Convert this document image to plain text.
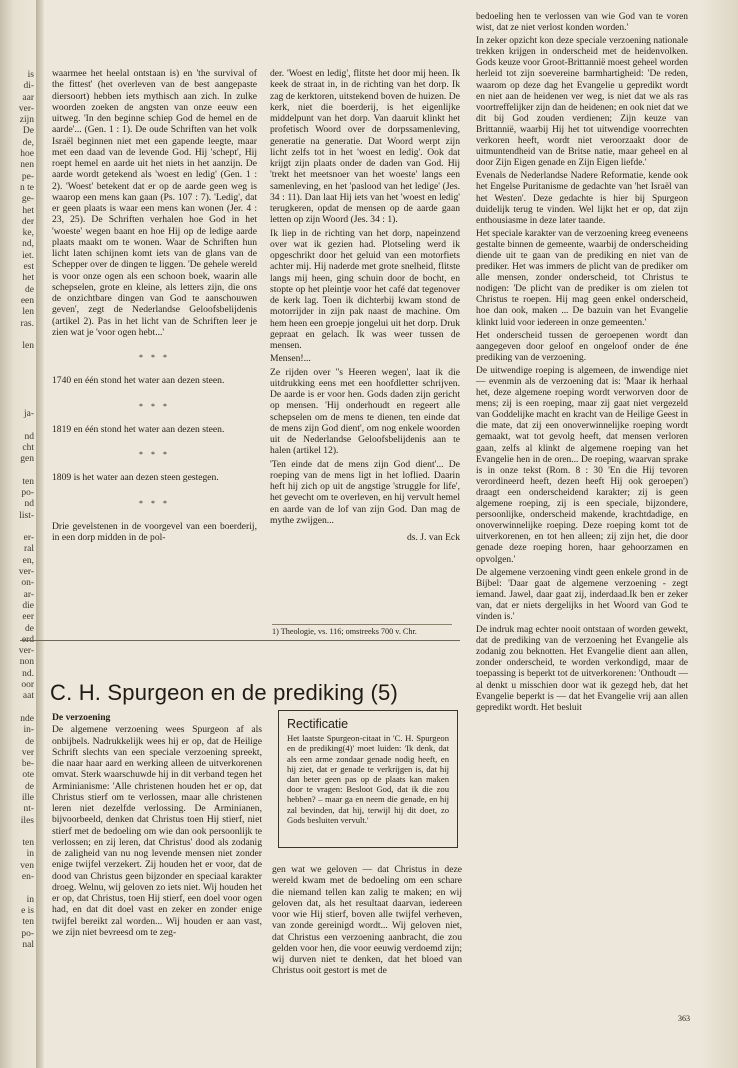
is
di-
aar
ver-
zijn
De
de,
hoe
nen
pe-
n te
ge-
het
der
ke,
nd,
iet.
est
het
de
een
len
ras.

len

ja-

nd
cht
gen

ten
po-
nd
list-

er-
ral
en,
ver-
on-
ar-
die
eer
de
erd
ver-
non
nd.
oor
aat

nde
in-
de
ver
be-
ote
de
ille
nt-
iles

ten
in
ven
en-

in
e is
ten
po-
nal

waarmee het heelal ontstaan is) en 'the survival of the fittest' (het overleven van de best aangepaste diersoort) hebben iets mythisch aan zich. In zulke woorden zoeken de angsten van onze eeuw een uitweg. 'In den beginne schiep God de hemel en de aarde'... (Gen. 1 : 1). De oude Schriften van het volk Israël beginnen niet met een gapende leegte, maar met een daad van de levende God. Hij 'schept', Hij roept hemel en aarde uit het niets in het aanzijn. De aarde wordt getekend als 'woest en ledig' (Gen. 1 : 2). 'Woest' betekent dat er op de aarde geen weg is waarop een mens kan gaan (Ps. 107 : 7). 'Ledig', dat er geen plaats is waar een mens kan wonen (Jer. 4 : 23, 25). De Schriften verhalen hoe God in het 'woeste' wegen baant en hoe Hij op de ledige aarde plaats maakt om te wonen. Waar de Schriften hun licht laten schijnen komt iets van de glans van de Schepper over de dingen te liggen. 'De gehele wereld is voor onze ogen als een schoon boek, waarin alle schepselen, grote en kleine, als letters zijn, die ons de onzichtbare dingen van God te aanschouwen geven', zegt de Nederlandse Geloofsbelijdenis (artikel 2). Pas in het licht van de Schriften leer je zien wat je 'voor ogen hebt...'

* * *
1740 en één stond het water aan dezen steen.
* * *
1819 en één stond het water aan dezen steen.
* * *
1809 is het water aan dezen steen gestegen.
* * *
Drie gevelstenen in de voorgevel van een boerderij, in een dorp midden in de pol-

der. 'Woest en ledig', flitste het door mij heen. Ik keek de straat in, in de richting van het dorp. Ik zag de kerktoren, uitstekend boven de huizen. De kerk, niet die boerderij, is het eigenlijke middelpunt van het dorp. Van daaruit klinkt het profetisch Woord over de dorpssamenleving, generatie na generatie. Dat Woord werpt zijn licht zelfs tot in het 'woest en ledig'. Ook dat krijgt zijn plaats onder de daden van God. Hij 'trekt het meetsnoer van het woeste' langs een samenleving, en het 'paslood van het ledige' (Jes. 34 : 11). Dan laat Hij iets van het 'woest en ledig' terugkeren, opdat de mensen op de aarde gaan letten op zijn Woord (Jes. 34 : 1).

Ik liep in de richting van het dorp, napeinzend over wat ik gezien had. Plotseling werd ik opgeschrikt door het geluid van een motorfiets achter mij. Hij naderde met grote snelheid, flitste langs mij heen, ging schuin door de bocht, en stopte op het pleintje voor het café dat tegenover de kerk lag. Toen ik dichterbij kwam stond de motorrijder in zijn pak naast de machine. Om hem heen een groepje jongelui uit het dorp. Druk gepraat en gelach. Ik was weer tussen de mensen.

Mensen!...

Ze rijden over ''s Heeren wegen', laat ik die uitdrukking eens met een hoofdletter schrijven. De aarde is er voor hen. Gods daden zijn gericht op mensen. 'Hij onderhoudt en regeert alle schepselen om de mens te dienen, ten einde dat de mens zijn God dient', om nog enkele woorden uit de Nederlandse Geloofsbelijdenis aan te halen (artikel 12).

'Ten einde dat de mens zijn God dient'... De roeping van de mens ligt in het loflied. Daarin heft hij zich op uit de angstige 'struggle for life', het gevecht om te overleven, en hij vervult hemel en aarde van de lof van zijn God. Dan mag de mythe zwijgen...

ds. J. van Eck
1) Theologie, vs. 116; omstreeks 700 v. Chr.
C. H. Spurgeon en de prediking (5)
De verzoening

De algemene verzoening wees Spurgeon af als onbijbels. Nadrukkelijk wees hij er op, dat de Heilige Schrift slechts van een speciale verzoening spreekt, die naar haar aard en werking alleen de uitverkorenen omvat. Sterk waarschuwde hij in dit verband tegen het Arminianisme: 'Alle christenen houden het er op, dat Christus stierf om te verlossen, maar alle christenen leren niet dezelfde verlossing. De Arminianen, bijvoorbeeld, denken dat Christus toen Hij stierf, niet stierf met de bedoeling om wie dan ook persoonlijk te verlossen; en zij leren, dat Christus' dood als zodanig de zaligheid van nu nog levende mensen niet zonder enige twijfel verzekert. Zij houden het er voor, dat de dood van Christus geen bijzonder en speciaal karakter droeg. Welnu, wij geloven zo iets niet. Wij houden het er op, dat Christus, toen Hij stierf, een doel voor ogen had, en dat dit doel vast en zeker en zonder enige twijfel bereikt zal worden... Wij houden er aan vast, we zijn niet bevreesd om te zeg-

Rectificatie
Het laatste Spurgeon-citaat in 'C. H. Spurgeon en de prediking(4)' moet luiden: 'Ik denk, dat als een arme zondaar genade nodig heeft, en hij ziet, dat er genade te verkrijgen is, dat hij dan beter geen pas op de plaats kan maken door te vragen: Besloot God, dat ik die zou hebben? – maar ga en neem die genade, en hij zal bevinden, dat hij, terwijl hij dit doet, zo Gods besluiten vervult.'

gen wat we geloven — dat Christus in deze wereld kwam met de bedoeling om een schare die niemand tellen kan zalig te maken; en wij geloven dat, als het resultaat daarvan, iedereen voor wie Hij stierf, boven alle twijfel verheven, van zonde gereinigd wordt... Wij geloven niet, dat Christus een verzoening aanbracht, die zou gelden voor hen, die voor eeuwig verdoemd zijn; wij durven niet te denken, dat het bloed van Christus ooit gestort is met de

bedoeling hen te verlossen van wie God van te voren wist, dat ze niet verlost konden worden.'

In zeker opzicht kon deze speciale verzoening nationale trekken krijgen in onderscheid met de heidenvolken. Gods keuze voor Groot-Brittannië moest geheel worden herleid tot zijn soevereine barmhartigheid: 'De reden, waarom op deze dag het Evangelie u gepredikt wordt en niet aan de heidenen ver weg, is niet dat we als ras voortreffelijker zijn dan de heidenen; en ook niet dat we dit bij God zouden verdienen; Zijn keuze van Brittannië, waarbij Hij het tot uitwendige voorrechten verkoren heeft, wordt niet veroorzaakt door de uitmuntendheid van de Britse natie, maar geheel en al door Zijn Eigen genade en Zijn Eigen liefde.'

Evenals de Nederlandse Nadere Reformatie, kende ook het Engelse Puritanisme de gedachte van 'het Israël van het Westen'. Deze gedachte is hier bij Spurgeon duidelijk terug te vinden. Wel lijkt het er op, dat zijn enthousiasme in deze later taande.

Het speciale karakter van de verzoening kreeg eveneens gestalte binnen de gemeente, waarbij de onderscheiding diende uit te gaan van de prediking en niet van de prediker. Het was immers de plicht van de prediker om alle mensen, zonder onderscheid, tot Christus te nodigen: 'De plicht van de prediker is om zielen tot Christus te roepen. Hij mag geen enkel onderscheid, hoe dan ook, maken ... De bazuin van het Evangelie klinkt luid voor iedereen in onze gemeenten.'

Het onderscheid tussen de geroepenen wordt dan aangegeven door geloof en ongeloof onder de éne prediking van de verzoening.

De uitwendige roeping is algemeen, de inwendige niet — evenmin als de verzoening dat is: 'Maar ik herhaal het, deze algemene roeping wordt verworven door de mens; zij is een roeping, maar zij gaat niet vergezeld van Goddelijke macht en kracht van de Heilige Geest in die mate, dat zij een onoverwinnelijke roeping wordt gemaakt, wat tot gevolg heeft, dat mensen verloren gaan, zelfs al klinkt de algemene roeping van het Evangelie hen in de oren... De roeping, waarvan sprake is in onze tekst (Rom. 8 : 30 'En die Hij tevoren verordineerd heeft, dezen heeft Hij ook geroepen') draagt een onderscheidend karakter; zij is geen algemene roeping, zij is een speciale, bijzondere, persoonlijke, onderscheid makende, krachtdadige, en onoverwinnelijke roeping. Deze roeping komt tot de uitverkorenen, en tot hen alleen; zij zijn het, die door genade deze roeping horen, haar gehoorzamen en opvolgen.'

De algemene verzoening vindt geen enkele grond in de Bijbel: 'Daar gaat de algemene verzoening - zegt iemand. Jawel, daar gaat zij, inderdaad.Ik ben er zeker van, dat er niets dergelijks in het Woord van God te vinden is.'

De indruk mag echter nooit ontstaan of worden gewekt, dat de prediking van de verzoening het Evangelie als zodanig zou beknotten. Het Evangelie dient aan allen, zonder onderscheid, te worden verkondigd, maar de toepassing is beperkt tot de uitverkorenen: 'Onthoudt — al denkt u misschien door wat ik gezegd heb, dat het Evangelie beperkt is — dat het Evangelie vrij aan allen gepredikt wordt. Het besluit

363
